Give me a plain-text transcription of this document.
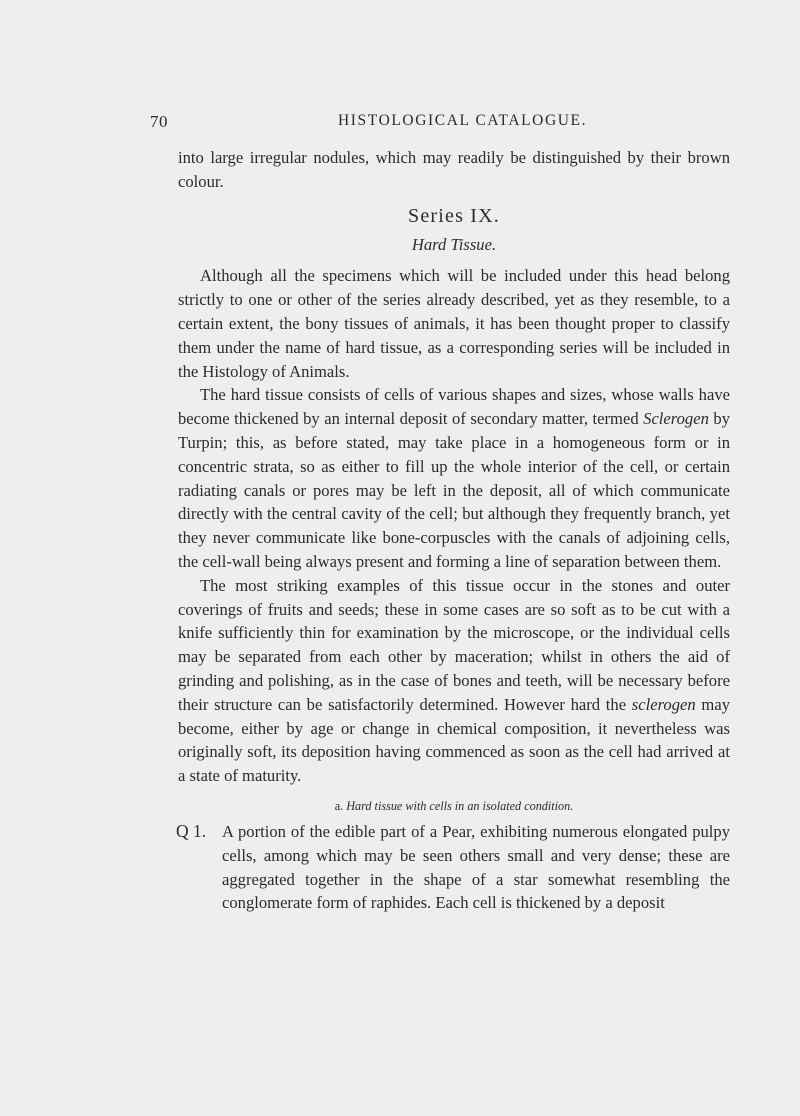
70	HISTOLOGICAL CATALOGUE.

into large irregular nodules, which may readily be distinguished by their brown colour.

Series IX.

Hard Tissue.

Although all the specimens which will be included under this head belong strictly to one or other of the series already described, yet as they resemble, to a certain extent, the bony tissues of animals, it has been thought proper to classify them under the name of hard tissue, as a corresponding series will be included in the Histology of Animals.

The hard tissue consists of cells of various shapes and sizes, whose walls have become thickened by an internal deposit of secondary matter, termed Sclerogen by Turpin; this, as before stated, may take place in a homogeneous form or in concentric strata, so as either to fill up the whole interior of the cell, or certain radiating canals or pores may be left in the deposit, all of which communicate directly with the central cavity of the cell; but although they frequently branch, yet they never communicate like bone-corpuscles with the canals of adjoining cells, the cell-wall being always present and forming a line of separation between them.

The most striking examples of this tissue occur in the stones and outer coverings of fruits and seeds; these in some cases are so soft as to be cut with a knife sufficiently thin for examination by the microscope, or the individual cells may be separated from each other by maceration; whilst in others the aid of grinding and polishing, as in the case of bones and teeth, will be necessary before their structure can be satisfactorily determined. However hard the sclerogen may become, either by age or change in chemical composition, it nevertheless was originally soft, its deposition having commenced as soon as the cell had arrived at a state of maturity.

a. Hard tissue with cells in an isolated condition.

Q 1. A portion of the edible part of a Pear, exhibiting numerous elongated pulpy cells, among which may be seen others small and very dense; these are aggregated together in the shape of a star somewhat resembling the conglomerate form of raphides. Each cell is thickened by a deposit
